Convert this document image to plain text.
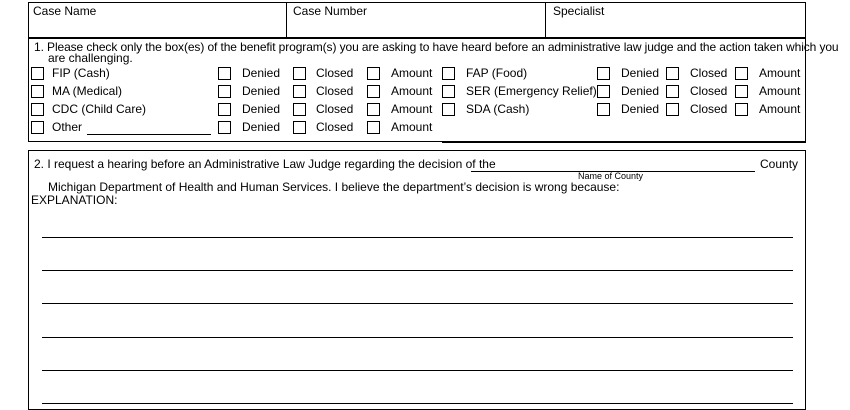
Case Name	Case Number	Specialist
1. Please check only the box(es) of the benefit program(s) you are asking to have heard before an administrative law judge and the action taken which you
are challenging.
FIP (Cash)	Denied	Closed	Amount
MA (Medical)	Denied	Closed	Amount
CDC (Child Care)	Denied	Closed	Amount
Other	Denied	Closed	Amount
FAP (Food)	Denied	Closed	Amount
SER (Emergency Relief) Denied	Closed	Amount
SDA (Cash)	Denied	Closed	Amount
2. I request a hearing before an Administrative Law Judge regarding the decision of the
Name of County
County
Michigan Department of Health and Human Services. I believe the department’s decision is wrong because:
EXPLANATION:
